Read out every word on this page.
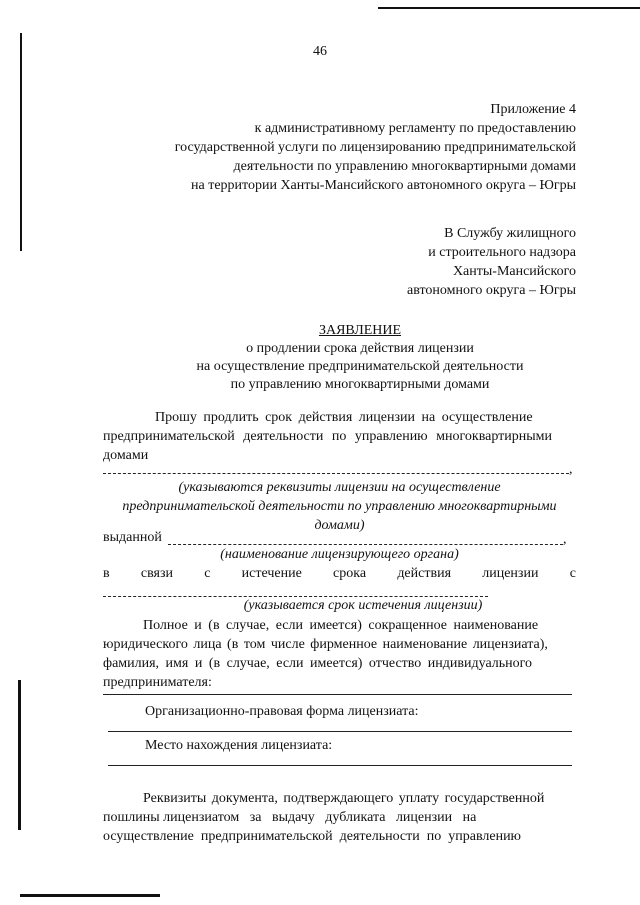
46
Приложение 4
к административному регламенту по предоставлению
государственной услуги по лицензированию предпринимательской
деятельности по управлению многоквартирными домами
на территории Ханты-Мансийского автономного округа – Югры
В Службу жилищного
и строительного надзора
Ханты-Мансийского
автономного округа – Югры
ЗАЯВЛЕНИЕ
о продлении срока действия лицензии
на осуществление предпринимательской деятельности
по управлению многоквартирными домами
Прошу продлить срок действия лицензии на осуществление
предпринимательской деятельности по управлению многоквартирными
домами
,
(указываются реквизиты лицензии на осуществление
предпринимательской деятельности по управлению многоквартирными
домами)
выданной	,
(наименование лицензирующего органа)
в связи с истечение срока действия лицензии с
(указывается срок истечения лицензии)
Полное и (в случае, если имеется) сокращенное наименование
юридического лица (в том числе фирменное наименование лицензиата),
фамилия, имя и (в случае, если имеется) отчество индивидуального
предпринимателя:
Организационно-правовая форма лицензиата:
Место нахождения лицензиата:
Реквизиты документа, подтверждающего уплату государственной
пошлины лицензиатом   за   выдачу   дубликата   лицензии   на
осуществление  предпринимательской  деятельности  по  управлению
